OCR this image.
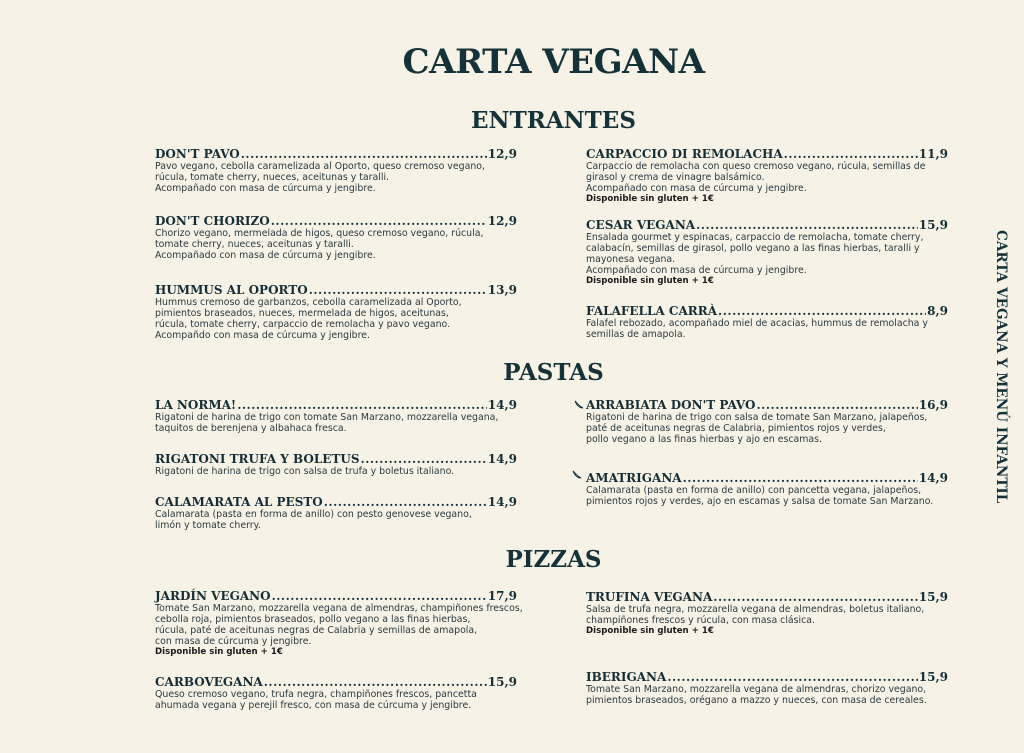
CARTA VEGANA
ENTRANTES
DON'T PAVO .....	12,9

Pavo vegano, cebolla caramelizada al Oporto, queso cremoso vegano,

rúcula, tomate cherry, nueces, aceitunas y taralli.

Acompañado con masa de cúrcuma y jengibre.

DON'T CHORIZO .....	12,9

Chorizo vegano, mermelada de higos, queso cremoso vegano, rúcula,

tomate cherry, nueces, aceitunas y taralli.

Acompañado con masa de cúrcuma y jengibre.

HUMMUS AL OPORTO .....	13,9

Hummus cremoso de garbanzos, cebolla caramelizada al Oporto,

pimientos braseados, nueces, mermelada de higos, aceitunas,

rúcula, tomate cherry, carpaccio de remolacha y pavo vegano.

Acompañdo con masa de cúrcuma y jengibre.

CARPACCIO DI REMOLACHA .....	11,9

Carpaccio de remolacha con queso cremoso vegano, rúcula, semillas de

girasol y crema de vinagre balsámico.

Acompañado con masa de cúrcuma y jengibre.

Disponible sin gluten + 1€

CESAR VEGANA .....	15,9

Ensalada gourmet y espinacas, carpaccio de remolacha, tomate cherry,

calabacín, semillas de girasol, pollo vegano a las finas hierbas, taralli y

mayonesa vegana.

Acompañado con masa de cúrcuma y jengibre.

Disponible sin gluten + 1€

FALAFELLA CARRÀ .....	8,9

Falafel rebozado, acompañado miel de acacias, hummus de remolacha y

semillas de amapola.

PASTAS
LA NORMA! .....	14,9

Rigatoni de harina de trigo con tomate San Marzano, mozzarella vegana,

taquitos de berenjena y albahaca fresca.

RIGATONI TRUFA Y BOLETUS .....	14,9

Rigatoni de harina de trigo con salsa de trufa y boletus italiano.

CALAMARATA AL PESTO .....	14,9

Calamarata (pasta en forma de anillo) con pesto genovese vegano,

limón y tomate cherry.

ARRABIATA DON'T PAVO .....	16,9

Rigatoni de harina de trigo con salsa de tomate San Marzano, jalapeños,

paté de aceitunas negras de Calabria, pimientos rojos y verdes,

pollo vegano a las finas hierbas y ajo en escamas.

AMATRIGANA .....	14,9

Calamarata (pasta en forma de anillo) con pancetta vegana, jalapeños,

pimientos rojos y verdes, ajo en escamas y salsa de tomate San Marzano.

PIZZAS
JARDÍN VEGANO .....	17,9

Tomate San Marzano, mozzarella vegana de almendras, champiñones frescos,

cebolla roja, pimientos braseados, pollo vegano a las finas hierbas,

rúcula, paté de aceitunas negras de Calabria y semillas de amapola,

con masa de cúrcuma y jengibre.

Disponible sin gluten + 1€

CARBOVEGANA .....	15,9

Queso cremoso vegano, trufa negra, champiñones frescos, pancetta

ahumada vegana y perejil fresco, con masa de cúrcuma y jengibre.

TRUFINA VEGANA .....	15,9

Salsa de trufa negra, mozzarella vegana de almendras, boletus italiano,

champiñones frescos y rúcula, con masa clásica.

Disponible sin gluten + 1€

IBERIGANA .....	15,9

Tomate San Marzano, mozzarella vegana de almendras, chorizo vegano,

pimientos braseados, orégano a mazzo y nueces, con masa de cereales.

CARTA VEGANA Y MENÚ INFANTIL
